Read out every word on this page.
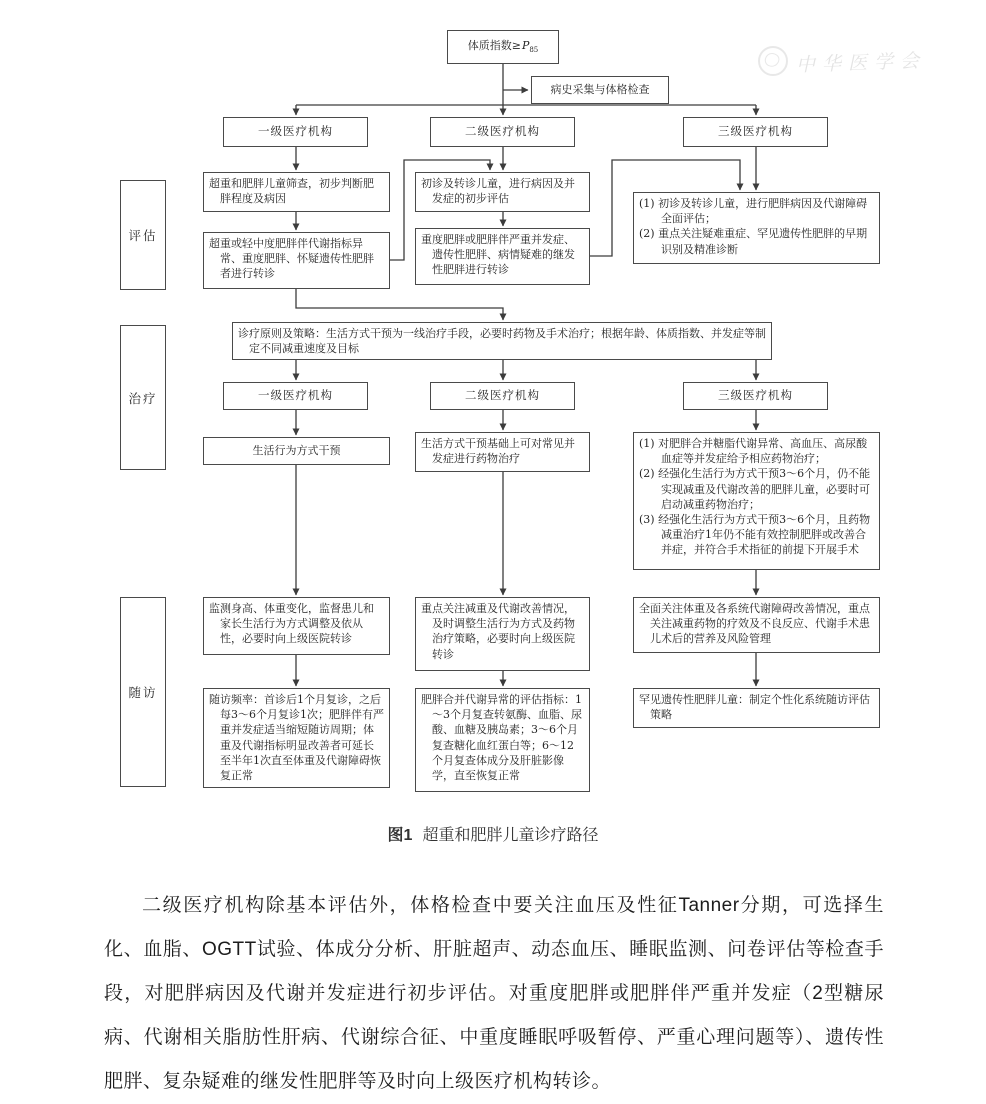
中华医学会
体质指数$\ge P_{85}$
病史采集与体格检查
一级医疗机构	二级医疗机构	三级医疗机构
评估
治疗
随访
超重和肥胖儿童筛查，初步判断肥胖程度及病因
初诊及转诊儿童，进行病因及并发症的初步评估	(1) 初诊及转诊儿童，进行肥胖病因及代谢障碍全面评估；
(2) 重点关注疑难重症、罕见遗传性肥胖的早期识别及精准诊断
超重或轻中度肥胖伴代谢指标异常、重度肥胖、怀疑遗传性肥胖者进行转诊
重度肥胖或肥胖伴严重并发症、遗传性肥胖、病情疑难的继发性肥胖进行转诊
诊疗原则及策略：生活方式干预为一线治疗手段，必要时药物及手术治疗；根据年龄、体质指数、并发症等制定不同减重速度及目标
一级医疗机构	二级医疗机构	三级医疗机构
生活行为方式干预
生活方式干预基础上可对常见并发症进行药物治疗
(1) 对肥胖合并糖脂代谢异常、高血压、高尿酸血症等并发症给予相应药物治疗；
(2) 经强化生活行为方式干预3～6个月，仍不能实现减重及代谢改善的肥胖儿童，必要时可启动减重药物治疗；
(3) 经强化生活行为方式干预3～6个月，且药物减重治疗1年仍不能有效控制肥胖或改善合并症，并符合手术指征的前提下开展手术
监测身高、体重变化，监督患儿和家长生活行为方式调整及依从性，必要时向上级医院转诊
重点关注减重及代谢改善情况，及时调整生活行为方式及药物治疗策略，必要时向上级医院转诊
全面关注体重及各系统代谢障碍改善情况，重点关注减重药物的疗效及不良反应、代谢手术患儿术后的营养及风险管理
随访频率：首诊后1个月复诊，之后每3～6个月复诊1次；肥胖伴有严重并发症适当缩短随访周期；体重及代谢指标明显改善者可延长至半年1次直至体重及代谢障碍恢复正常
肥胖合并代谢异常的评估指标：1～3个月复查转氨酶、血脂、尿酸、血糖及胰岛素；3～6个月复查糖化血红蛋白等；6～12个月复查体成分及肝脏影像学，直至恢复正常
罕见遗传性肥胖儿童：制定个性化系统随访评估策略
图1 超重和肥胖儿童诊疗路径
二级医疗机构除基本评估外，体格检查中要关注血压及性征Tanner分期，可选择生化、血脂、OGTT试验、体成分分析、肝脏超声、动态血压、睡眠监测、问卷评估等检查手段，对肥胖病因及代谢并发症进行初步评估。对重度肥胖或肥胖伴严重并发症（2型糖尿病、代谢相关脂肪性肝病、代谢综合征、中重度睡眠呼吸暂停、严重心理问题等）、遗传性肥胖、复杂疑难的继发性肥胖等及时向上级医疗机构转诊。
